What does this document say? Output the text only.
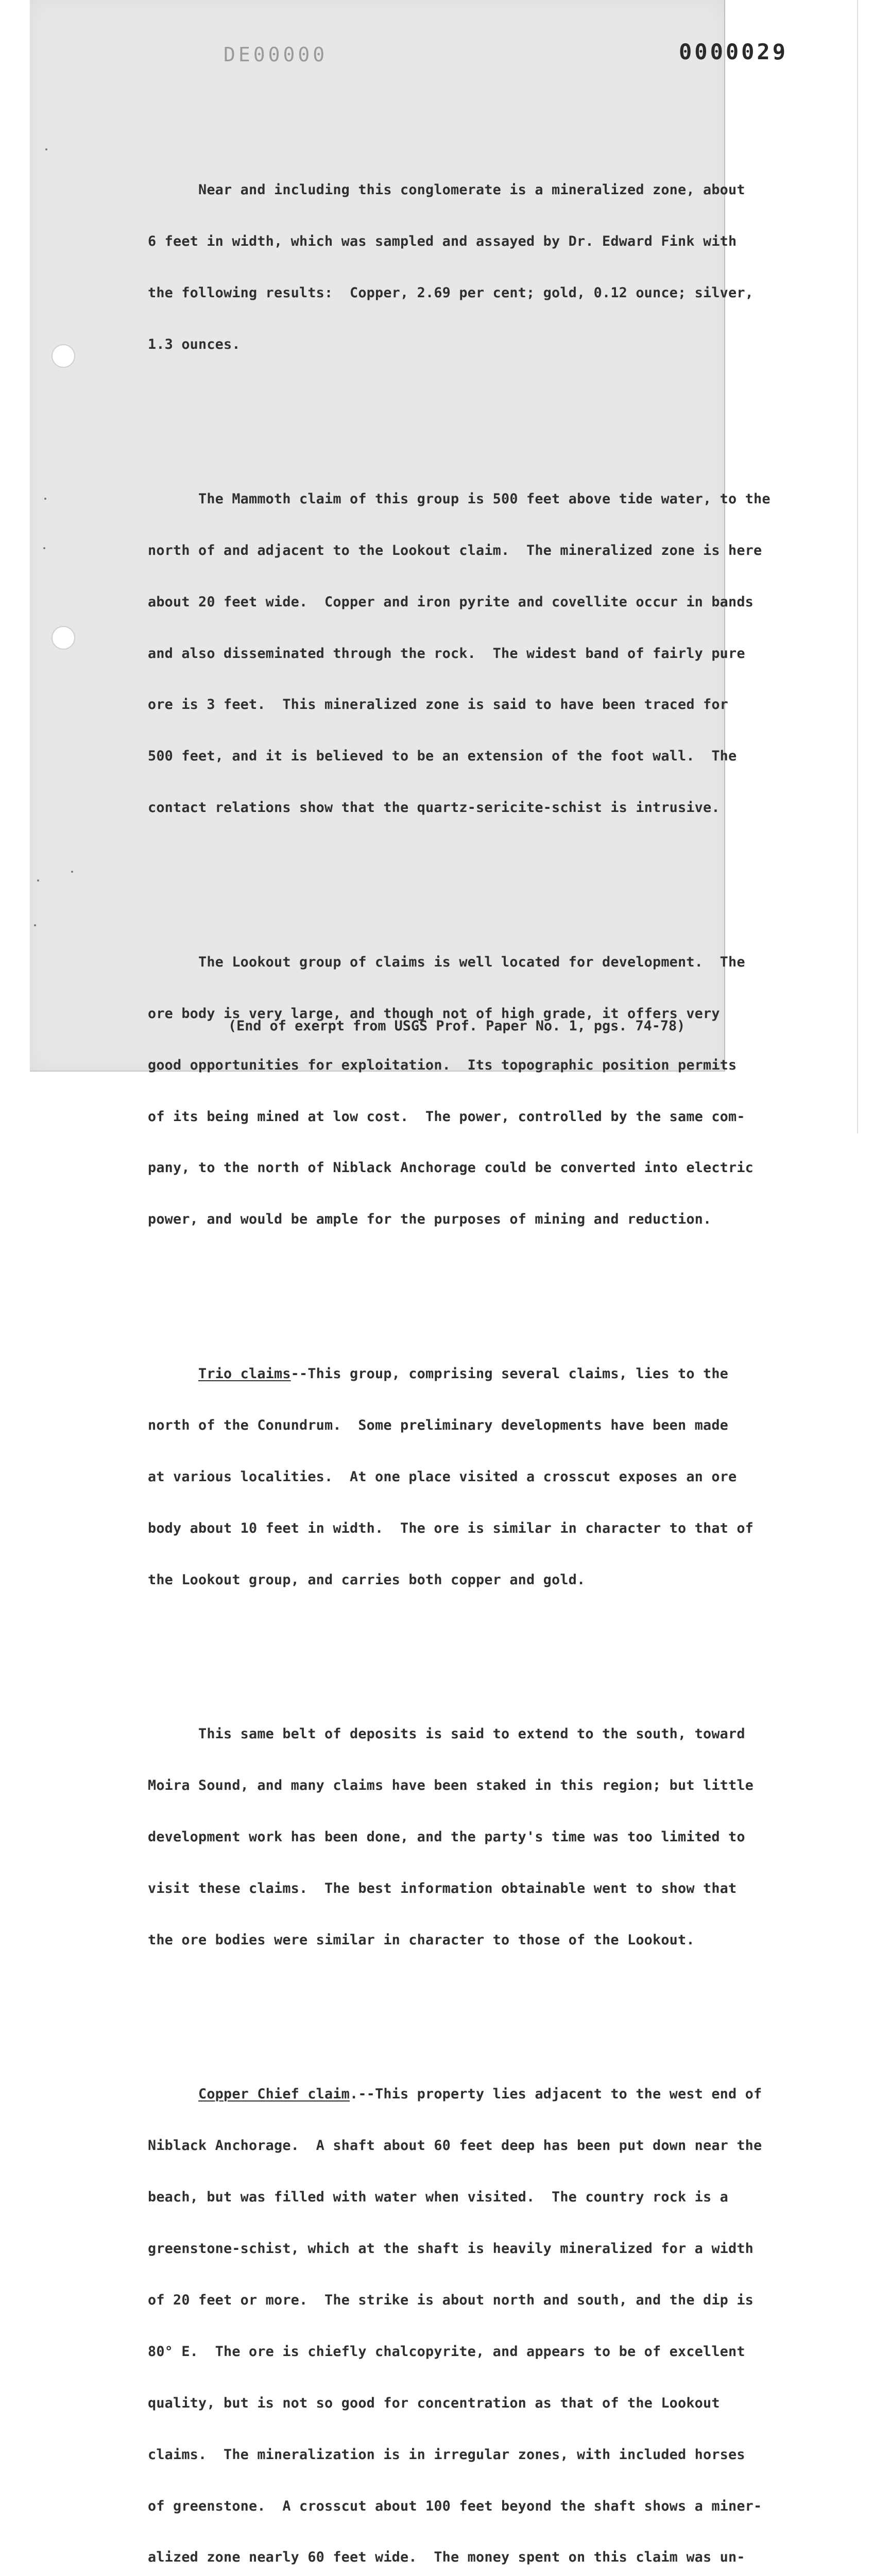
DE00000	0000029

Near and including this conglomerate is a mineralized zone, about

6 feet in width, which was sampled and assayed by Dr. Edward Fink with

the following results:  Copper, 2.69 per cent; gold, 0.12 ounce; silver,

1.3 ounces.

The Mammoth claim of this group is 500 feet above tide water, to the

north of and adjacent to the Lookout claim.  The mineralized zone is here

about 20 feet wide.  Copper and iron pyrite and covellite occur in bands

and also disseminated through the rock.  The widest band of fairly pure

ore is 3 feet.  This mineralized zone is said to have been traced for

500 feet, and it is believed to be an extension of the foot wall.  The

contact relations show that the quartz-sericite-schist is intrusive.

The Lookout group of claims is well located for development.  The

ore body is very large, and though not of high grade, it offers very

good opportunities for exploitation.  Its topographic position permits

of its being mined at low cost.  The power, controlled by the same com-

pany, to the north of Niblack Anchorage could be converted into electric

power, and would be ample for the purposes of mining and reduction.

Trio claims--This group, comprising several claims, lies to the

north of the Conundrum.  Some preliminary developments have been made

at various localities.  At one place visited a crosscut exposes an ore

body about 10 feet in width.  The ore is similar in character to that of

the Lookout group, and carries both copper and gold.

This same belt of deposits is said to extend to the south, toward

Moira Sound, and many claims have been staked in this region; but little

development work has been done, and the party's time was too limited to

visit these claims.  The best information obtainable went to show that

the ore bodies were similar in character to those of the Lookout.

Copper Chief claim.--This property lies adjacent to the west end of

Niblack Anchorage.  A shaft about 60 feet deep has been put down near the

beach, but was filled with water when visited.  The country rock is a

greenstone-schist, which at the shaft is heavily mineralized for a width

of 20 feet or more.  The strike is about north and south, and the dip is

80° E.  The ore is chiefly chalcopyrite, and appears to be of excellent

quality, but is not so good for concentration as that of the Lookout

claims.  The mineralization is in irregular zones, with included horses

of greenstone.  A crosscut about 100 feet beyond the shaft shows a miner-

alized zone nearly 60 feet wide.  The money spent on this claim was un-

(End of exerpt from USGS Prof. Paper No. 1, pgs. 74-78)
